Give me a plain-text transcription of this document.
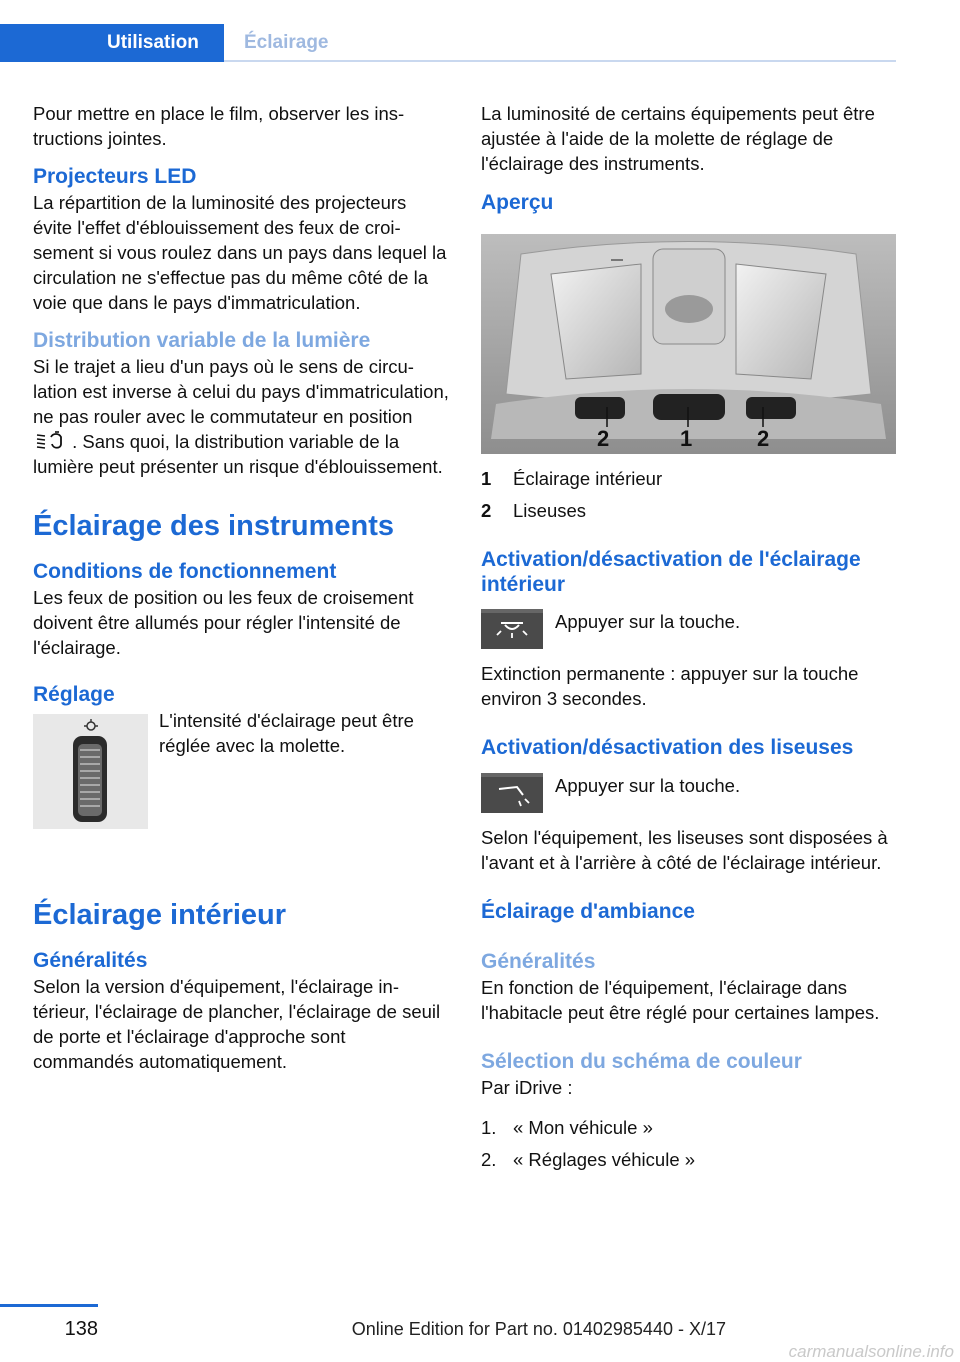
Utilisation	Éclairage

Pour mettre en place le film, observer les instructions jointes.

Projecteurs LED

La répartition de la luminosité des projecteurs évite l'effet d'éblouissement des feux de croisement si vous roulez dans un pays dans lequel la circulation ne s'effectue pas du même côté de la voie que dans le pays d'immatriculation.

Distribution variable de la lumière

Si le trajet a lieu d'un pays où le sens de circulation est inverse à celui du pays d'immatriculation, ne pas rouler avec le commutateur en position  . Sans quoi, la distribution variable de la lumière peut présenter un risque d'éblouissement.

Éclairage des instruments

Conditions de fonctionnement

Les feux de position ou les feux de croisement doivent être allumés pour régler l'intensité de l'éclairage.

Réglage

L'intensité d'éclairage peut être réglée avec la molette.

Éclairage intérieur

Généralités

Selon la version d'équipement, l'éclairage intérieur, l'éclairage de plancher, l'éclairage de seuil de porte et l'éclairage d'approche sont commandés automatiquement.

La luminosité de certains équipements peut être ajustée à l'aide de la molette de réglage de l'éclairage des instruments.

Aperçu

2	1	2
1	Éclairage intérieur
2	Liseuses

Activation/désactivation de l'éclairage intérieur

Appuyer sur la touche.

Extinction permanente : appuyer sur la touche environ 3 secondes.

Activation/désactivation des liseuses

Appuyer sur la touche.

Selon l'équipement, les liseuses sont disposées à l'avant et à l'arrière à côté de l'éclairage intérieur.

Éclairage d'ambiance

Généralités

En fonction de l'équipement, l'éclairage dans l'habitacle peut être réglé pour certaines lampes.

Sélection du schéma de couleur

Par iDrive :

1. « Mon véhicule »
2. « Réglages véhicule »
138	Online Edition for Part no. 01402985440 - X/17
carmanualsonline.info
